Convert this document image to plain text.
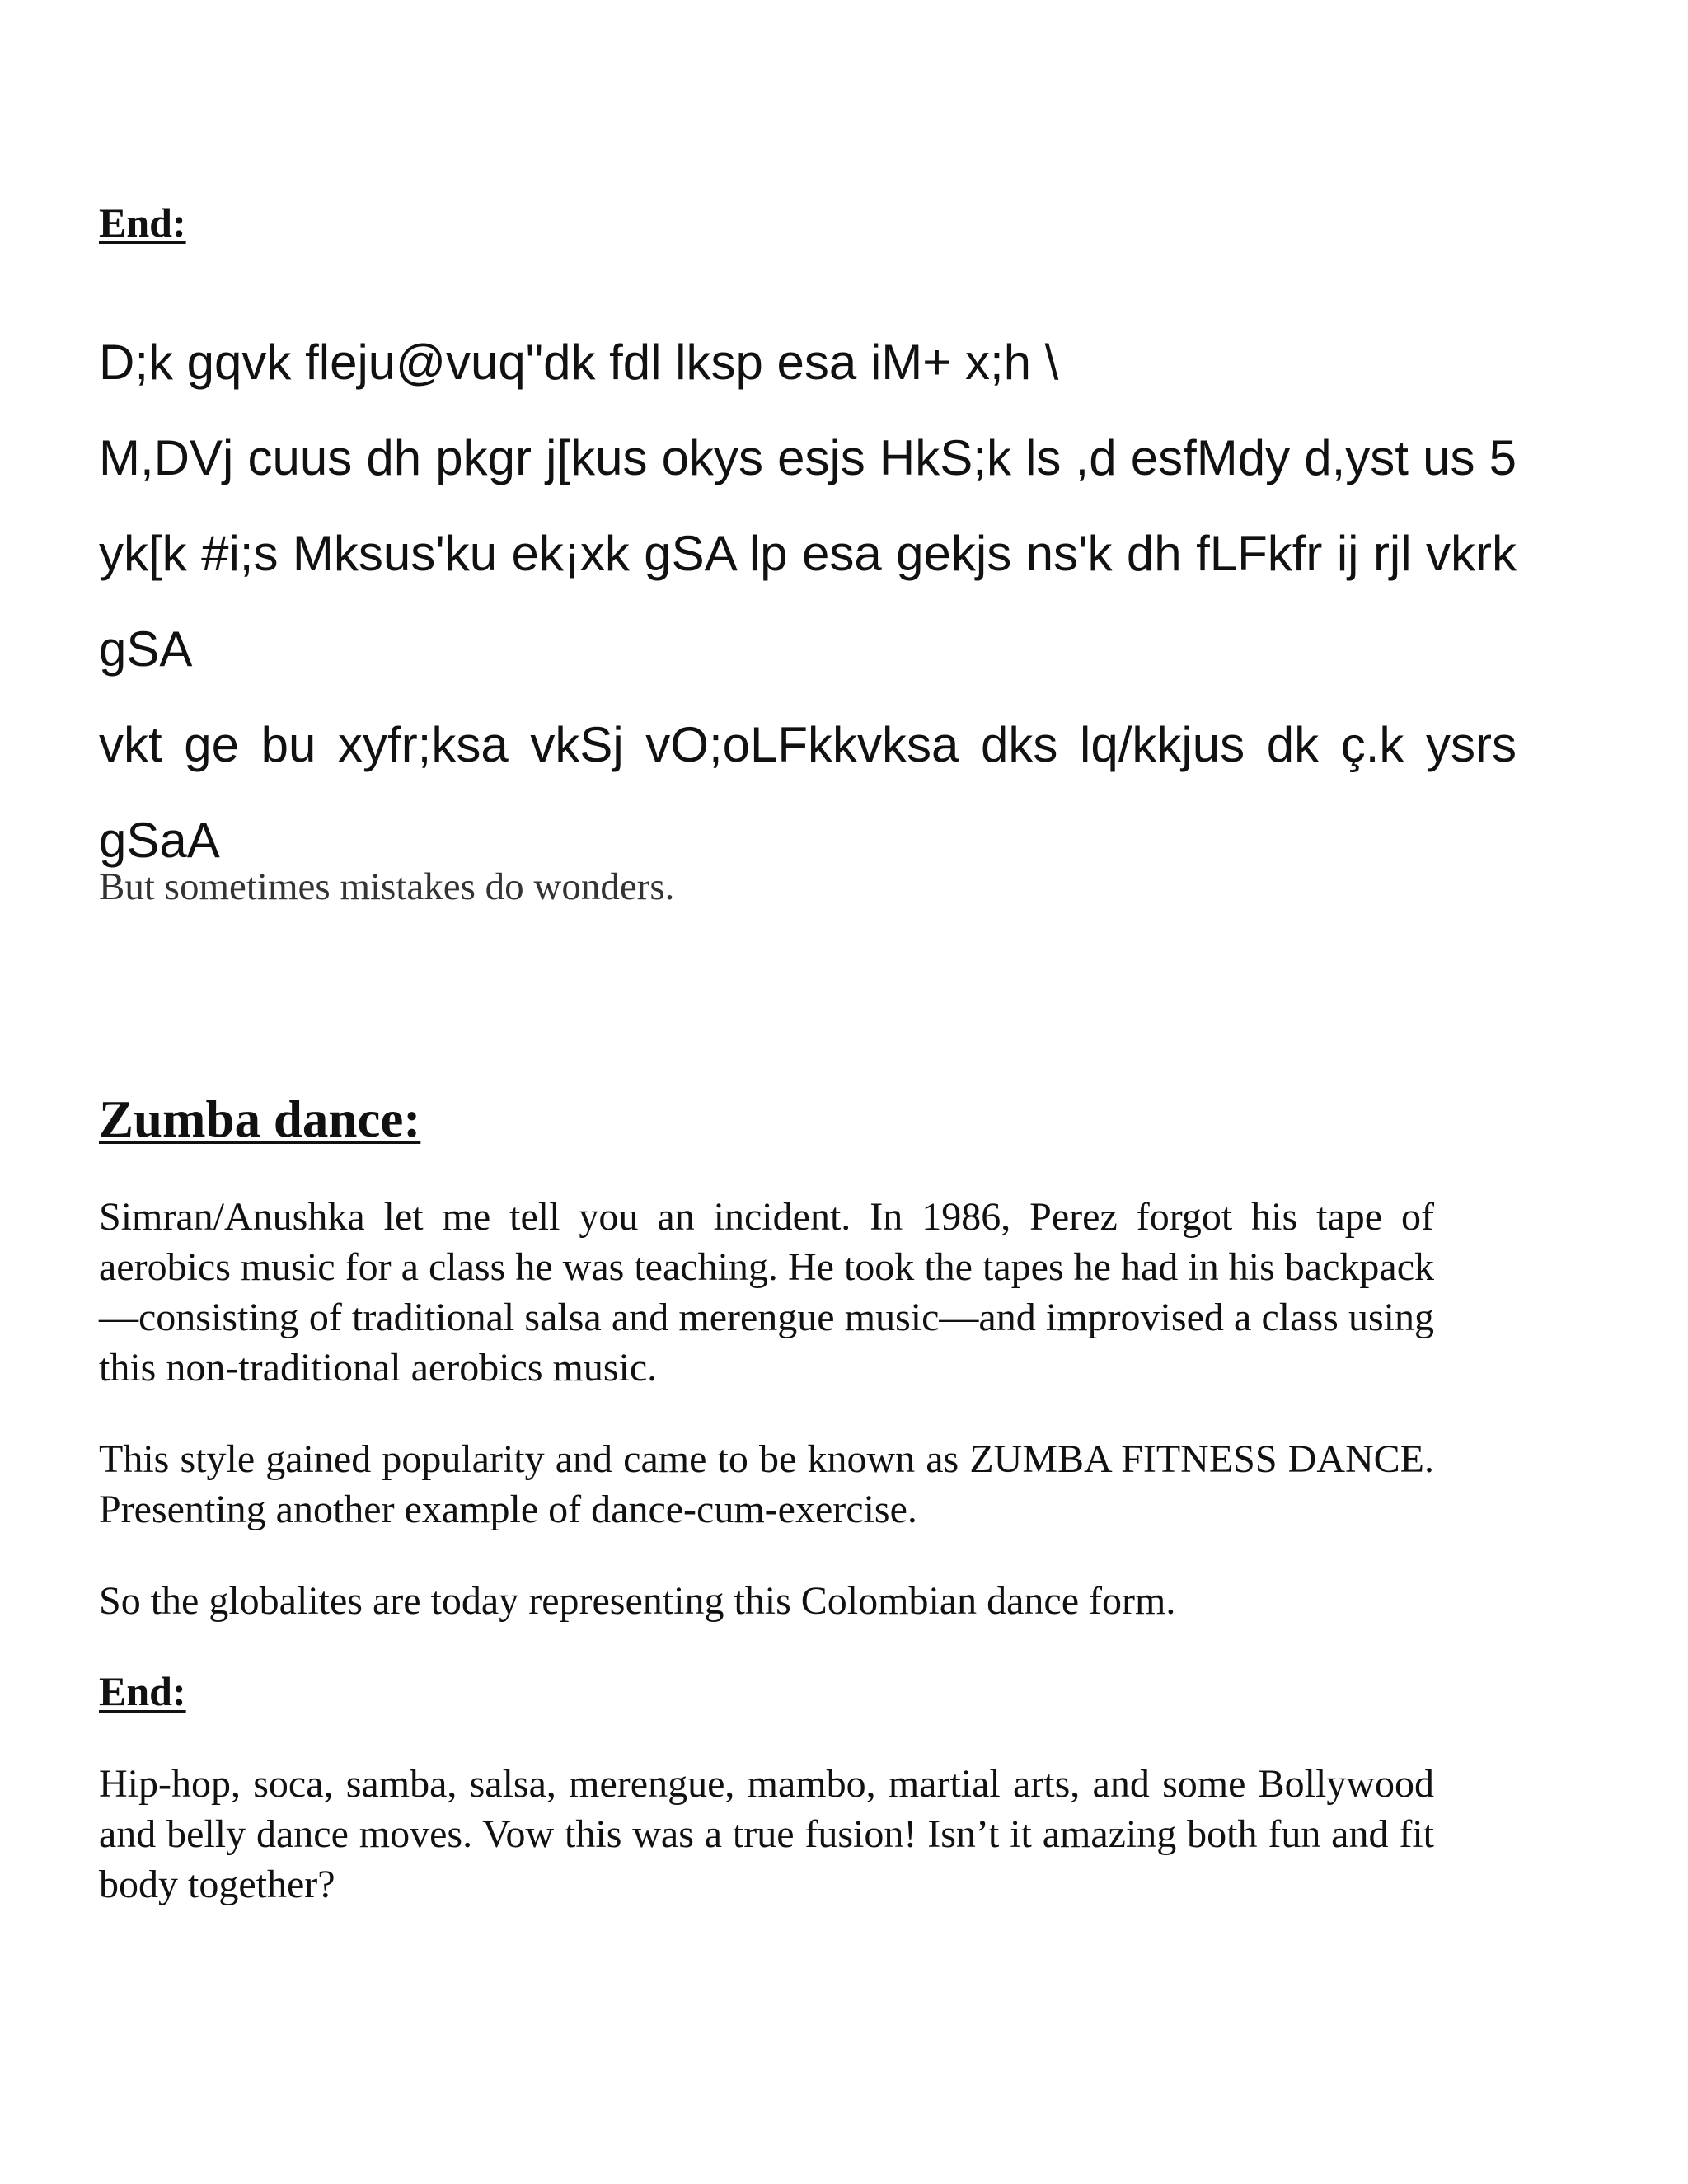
End:

D;k gqvk fleju@vuq"dk fdl lksp esa iM+ x;h \

M,DVj cuus dh pkgr j[kus okys esjs HkS;k ls ,d esfMdy d,yst us 5 yk[k #i;s Mksus'ku ek¡xk gSA lp esa gekjs ns'k dh fLFkfr ij rjl vkrk gSA

vkt ge bu xyfr;ksa vkSj vO;oLFkkvksa dks lq/kkjus dk ç.k ysrs gSaA

But sometimes mistakes do wonders.

Zumba dance:

Simran/Anushka let me tell you an incident. In 1986, Perez forgot his tape of aerobics music for a class he was teaching. He took the tapes he had in his backpack—consisting of traditional salsa and merengue music—and improvised a class using this non-traditional aerobics music.

This style gained popularity and came to be known as ZUMBA FITNESS DANCE. Presenting another example of dance-cum-exercise.

So the globalites are today representing this Colombian dance form.

End:

Hip-hop, soca, samba, salsa, merengue, mambo, martial arts, and some Bollywood and belly dance moves. Vow this was a true fusion! Isn’t it amazing both fun and fit body together?
